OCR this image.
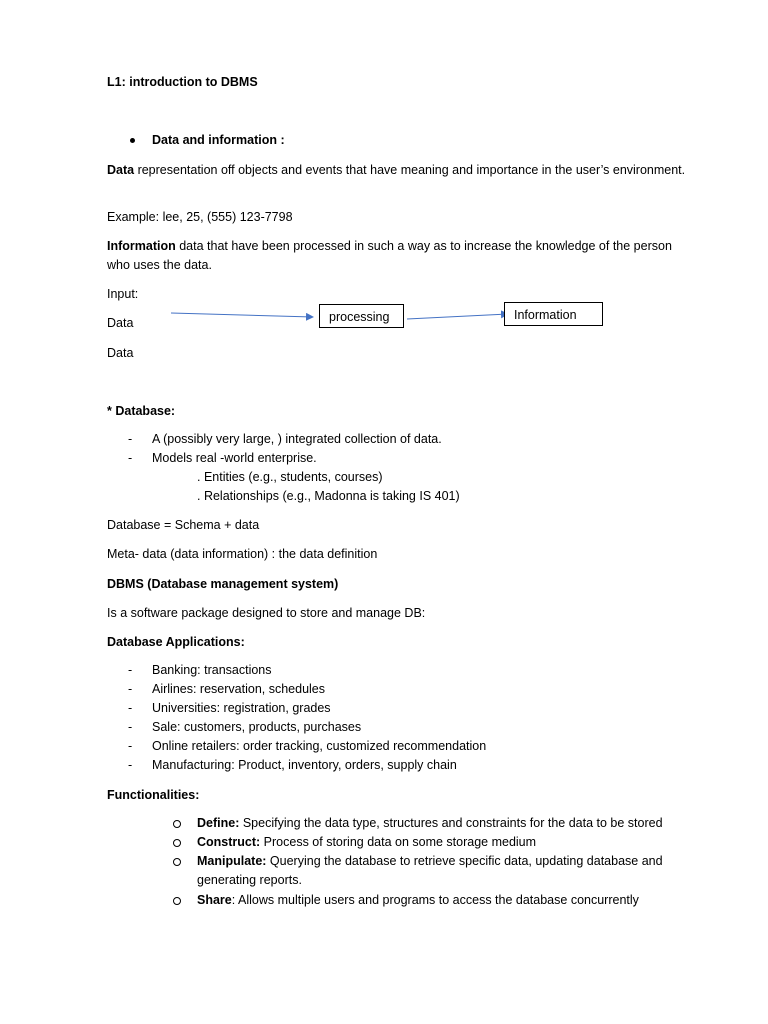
L1: introduction to DBMS
Data and information :
Data representation off objects and events that have meaning and importance in the user’s environment.
Example: lee, 25, (555) 123-7798
Information data that have been processed in such a way as to increase the knowledge of the person who uses the data.
Input:
Data
Data
processing	Information
* Database:
- A (possibly very large, ) integrated collection of data.
- Models real -world enterprise.
. Entities (e.g., students, courses)
. Relationships (e.g., Madonna is taking IS 401)
Database = Schema + data
Meta- data (data information) : the data definition
DBMS (Database management system)
Is a software package designed to store and manage DB:
Database Applications:
- Banking: transactions
- Airlines: reservation, schedules
- Universities: registration, grades
- Sale: customers, products, purchases
- Online retailers: order tracking, customized recommendation
- Manufacturing: Product, inventory, orders, supply chain
Functionalities:
Define: Specifying the data type, structures and constraints for the data to be stored
Construct: Process of storing data on some storage medium
Manipulate: Querying the database to retrieve specific data, updating database and generating reports.
Share: Allows multiple users and programs to access the database concurrently
